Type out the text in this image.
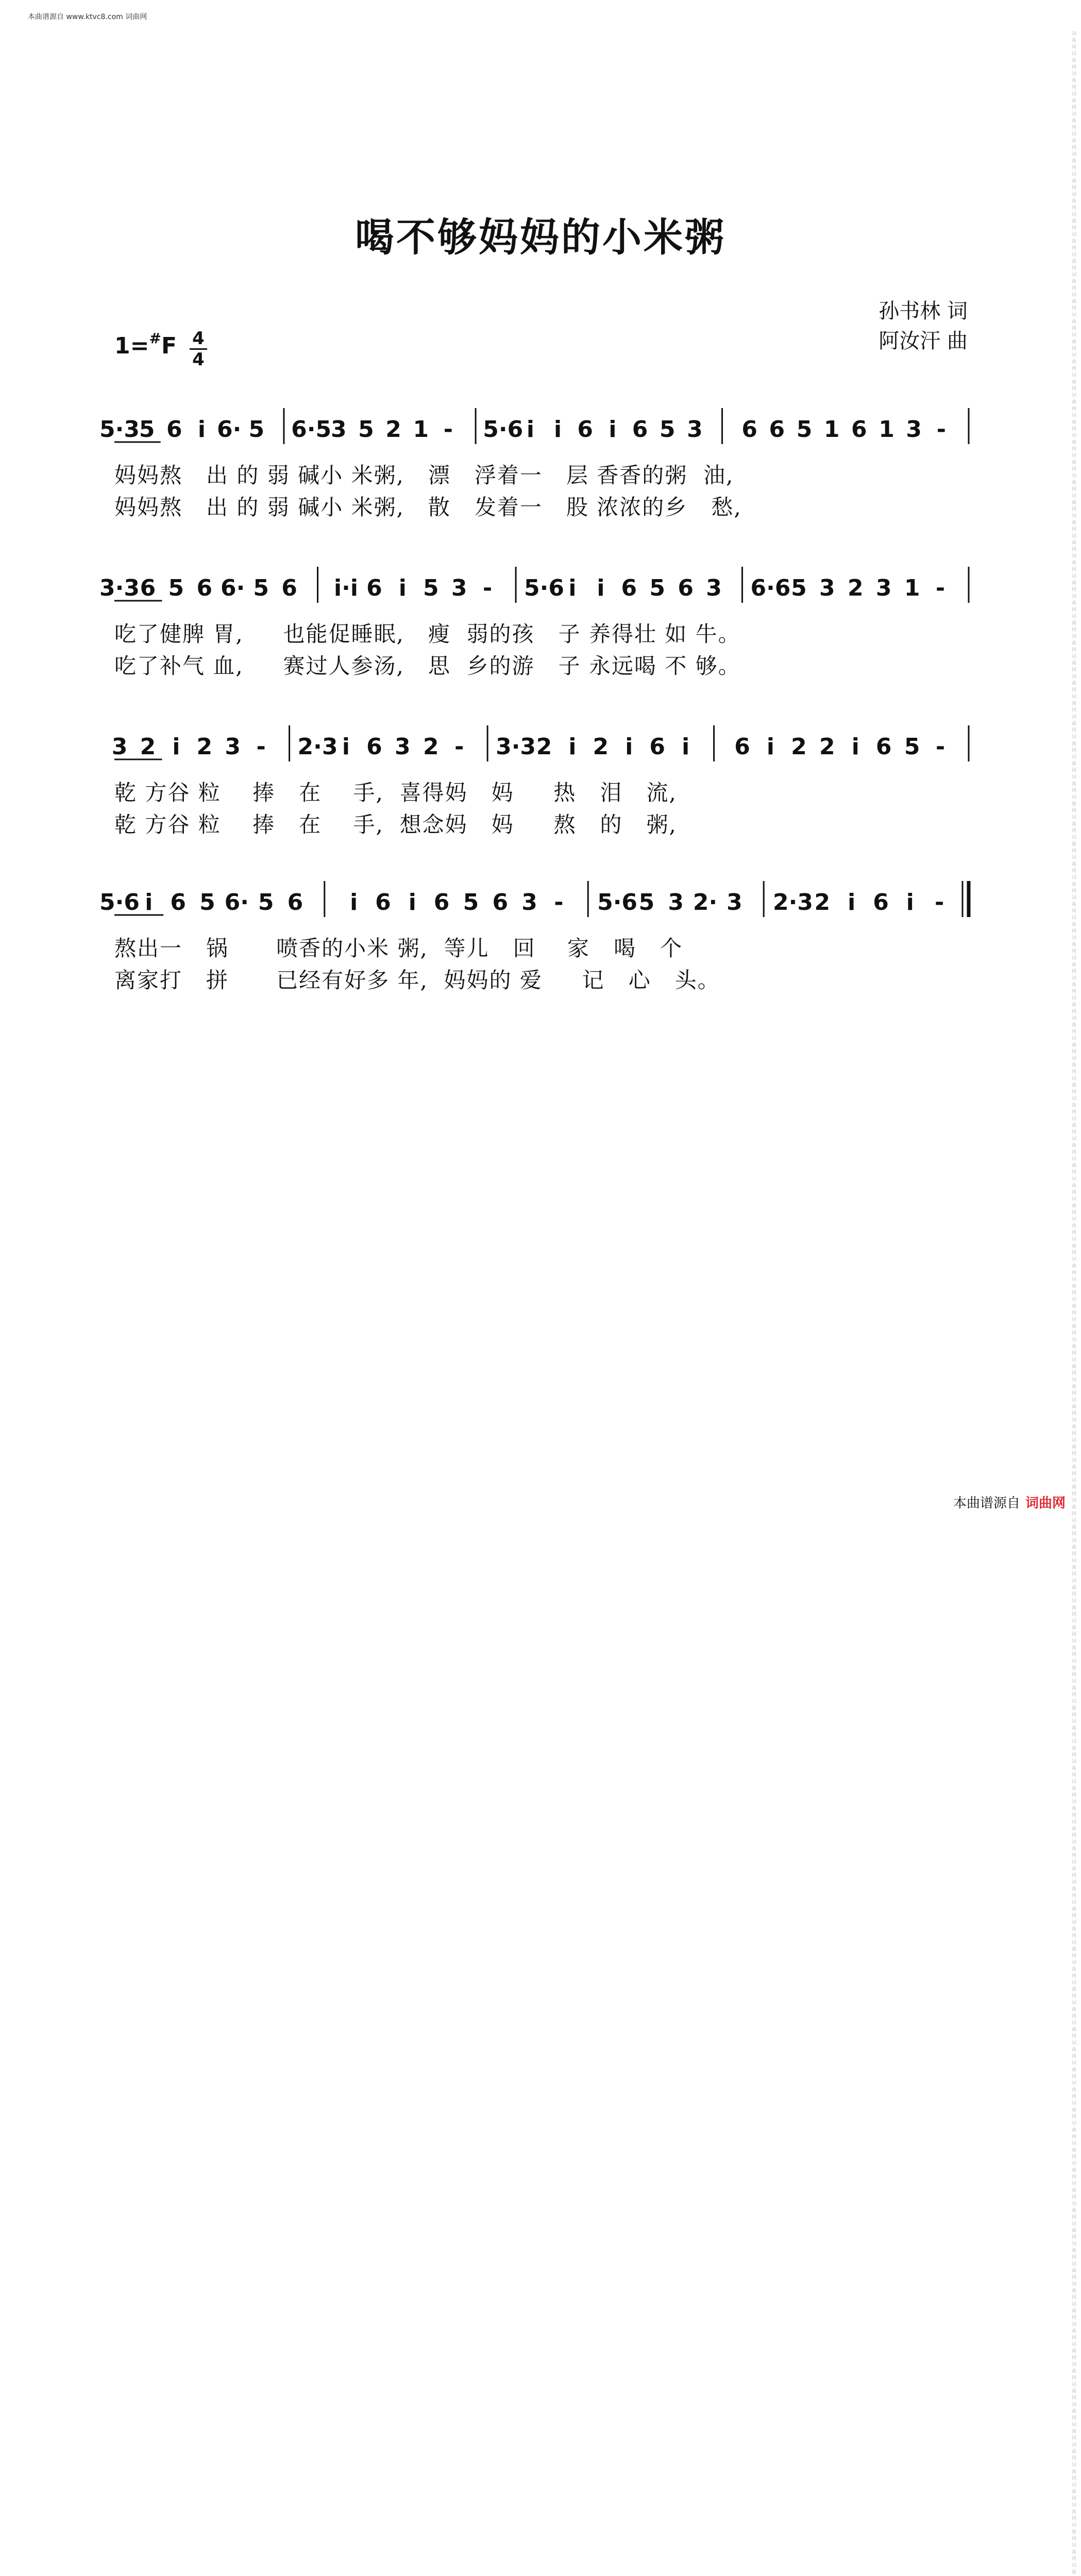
本曲谱源自 www.ktvc8.com 词曲网
词曲网词曲网词曲网词曲网词曲网词曲网词曲网词曲网词曲网词曲网词曲网词曲网词曲网词曲网词曲网词曲网词曲网词曲网词曲网词曲网词曲网词曲网词曲网词曲网词曲网词曲网词曲网词曲网词曲网词曲网词曲网词曲网词曲网词曲网词曲网词曲网词曲网词曲网词曲网词曲网词曲网词曲网词曲网词曲网词曲网词曲网词曲网词曲网词曲网词曲网词曲网词曲网词曲网词曲网词曲网词曲网词曲网词曲网词曲网词曲网词曲网词曲网词曲网词曲网词曲网词曲网词曲网词曲网词曲网词曲网词曲网词曲网词曲网词曲网词曲网词曲网词曲网词曲网词曲网词曲网词曲网词曲网词曲网词曲网词曲网词曲网词曲网词曲网词曲网词曲网词曲网词曲网词曲网词曲网词曲网词曲网词曲网词曲网词曲网词曲网词曲网词曲网词曲网词曲网词曲网词曲网词曲网词曲网词曲网词曲网词曲网词曲网词曲网词曲网词曲网词曲网词曲网词曲网词曲网词曲网词曲网词曲网词曲网词曲网词曲网词曲网词曲
喝不够妈妈的小米粥
孙书林 词
阿汝汗 曲
1=#F 4
4
5·3
5 6 i 6· 5 6·5
3 5 2 1 - 5·6 i i 6 i 6 5 3 6 6 5 1 6 1 3 -
妈妈熬   出 的 弱 碱小 米粥,   漂   浮着一   层 香香的粥  油,
妈妈熬   出 的 弱 碱小 米粥,   散   发着一   股 浓浓的乡   愁,
3·3 6 5 6 6· 5 6 i·i 6 i 5 3 - 5·6 i i 6 5 6 3 6·6 5 3 2 3 1 -
吃了健脾 胃,     也能促睡眠,   瘦  弱的孩   子 养得壮 如 牛。
吃了补气 血,     赛过人参汤,   思  乡的游   子 永远喝 不 够。
3 2 i 2 3 - 2·3 i 6 3 2 - 3·3 2 i 2 i 6 i 6 i 2 2 i 6 5 -
乾 方谷 粒    捧   在    手,  喜得妈   妈     热   泪   流,
乾 方谷 粒    捧   在    手,  想念妈   妈     熬   的   粥,
5·6 i 6 5 6· 5 6 i 6 i 6 5 6 3 - 5·6 5 3 2· 3 2·3 2 i 6 i -
熬出一   锅      喷香的小米 粥,  等儿   回    家   喝   个
离家打   拼      已经有好多 年,  妈妈的 爱     记   心   头。
本曲谱源自 词曲网
